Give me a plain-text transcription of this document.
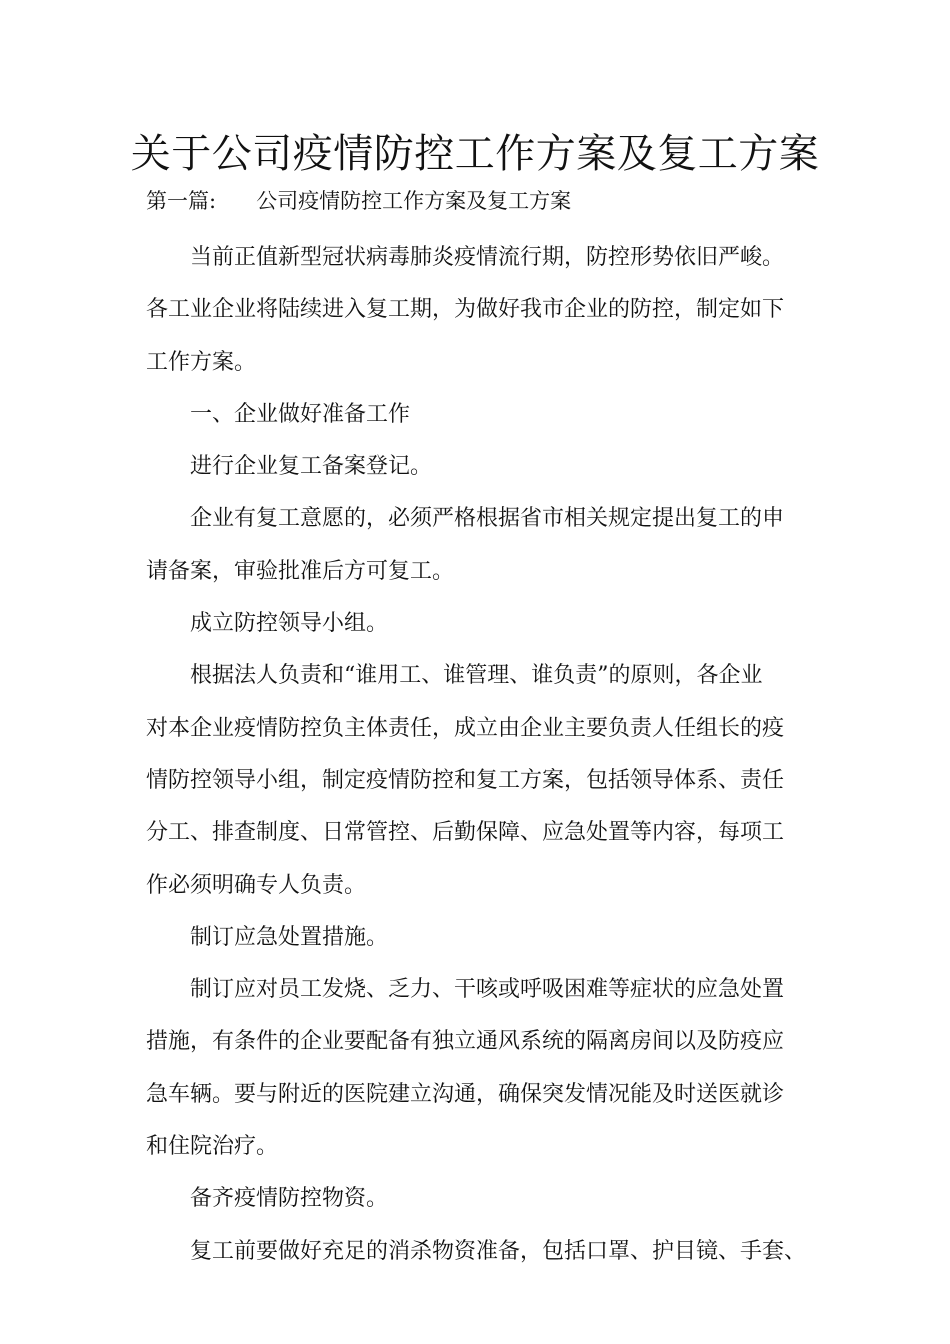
关于公司疫情防控工作方案及复工方案
第一篇: 公司疫情防控工作方案及复工方案
当前正值新型冠状病毒肺炎疫情流行期，防控形势依旧严峻。
各工业企业将陆续进入复工期，为做好我市企业的防控，制定如下
工作方案。
一、企业做好准备工作
进行企业复工备案登记。
企业有复工意愿的，必须严格根据省市相关规定提出复工的申
请备案，审验批准后方可复工。
成立防控领导小组。
根据法人负责和“谁用工、谁管理、谁负责”的原则，各企业
对本企业疫情防控负主体责任，成立由企业主要负责人任组长的疫
情防控领导小组，制定疫情防控和复工方案，包括领导体系、责任
分工、排查制度、日常管控、后勤保障、应急处置等内容，每项工
作必须明确专人负责。
制订应急处置措施。
制订应对员工发烧、乏力、干咳或呼吸困难等症状的应急处置
措施，有条件的企业要配备有独立通风系统的隔离房间以及防疫应
急车辆。要与附近的医院建立沟通，确保突发情况能及时送医就诊
和住院治疗。
备齐疫情防控物资。
复工前要做好充足的消杀物资准备，包括口罩、护目镜、手套、
